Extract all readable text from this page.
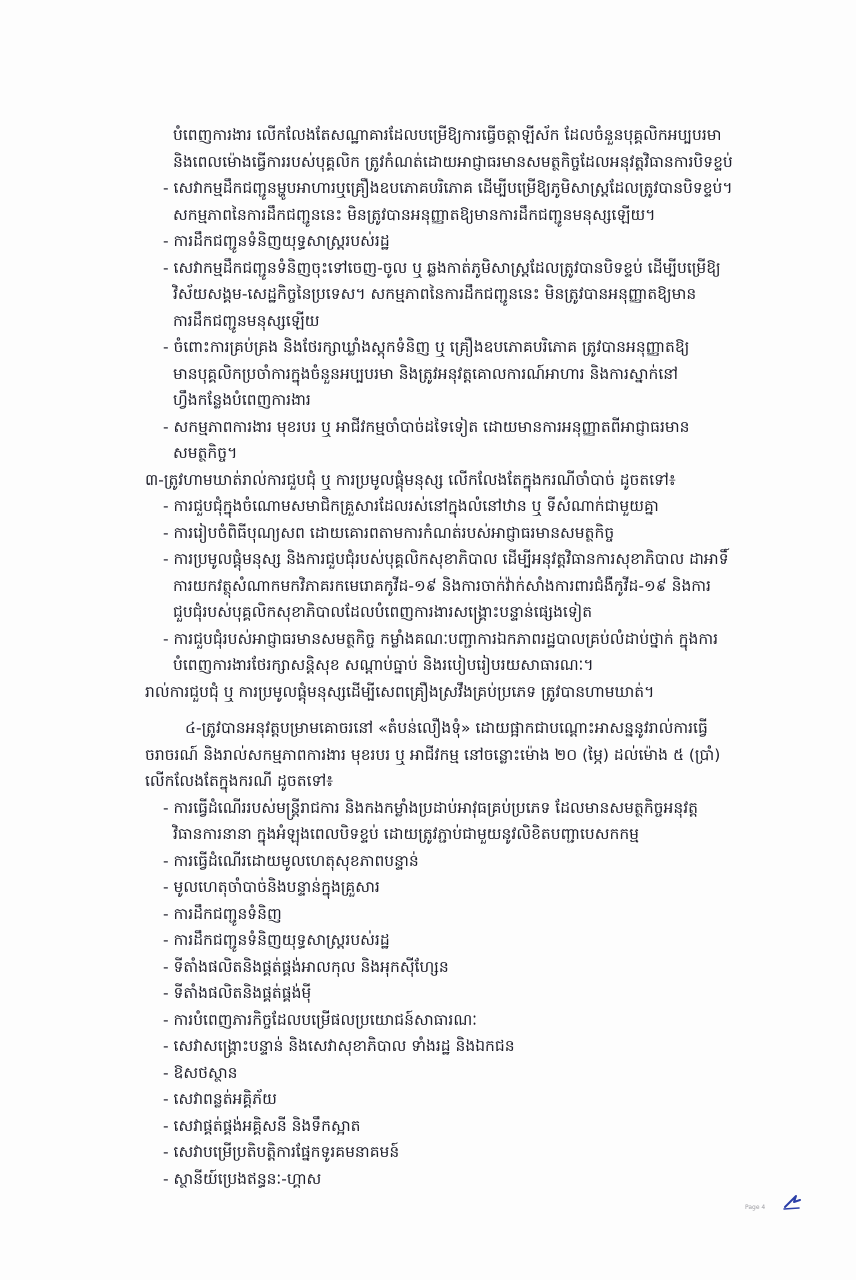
បំពេញការងារ លើកលែងតែសណ្ឋាគារដែលបម្រើឱ្យការធ្វើចត្តាឡីស័ក ដែលចំនួនបុគ្គលិកអប្បបរមា
និងពេលម៉ោងធ្វើការរបស់បុគ្គលិក ត្រូវកំណត់ដោយអាជ្ញាធរមានសមត្ថកិច្ចដែលអនុវត្តវិធានការបិទខ្ទប់
- សេវាកម្មដឹកជញ្ជូនម្ហូបអាហារឬគ្រឿងឧបភោគបរិភោគ ដើម្បីបម្រើឱ្យភូមិសាស្ត្រដែលត្រូវបានបិទខ្ទប់។
សកម្មភាពនៃការដឹកជញ្ជូននេះ មិនត្រូវបានអនុញ្ញាតឱ្យមានការដឹកជញ្ជូនមនុស្សឡើយ។
- ការដឹកជញ្ជូនទំនិញយុទ្ធសាស្ត្ររបស់រដ្ឋ
- សេវាកម្មដឹកជញ្ជូនទំនិញចុះទៅចេញ-ចូល ឬ ឆ្លងកាត់ភូមិសាស្ត្រដែលត្រូវបានបិទខ្ទប់ ដើម្បីបម្រើឱ្យ
វិស័យសង្គម-សេដ្ឋកិច្ចនៃប្រទេស។ សកម្មភាពនៃការដឹកជញ្ជូននេះ មិនត្រូវបានអនុញ្ញាតឱ្យមាន
ការដឹកជញ្ជូនមនុស្សឡើយ
- ចំពោះការគ្រប់គ្រង និងថែរក្សាឃ្លាំងស្តុកទំនិញ ឬ គ្រឿងឧបភោគបរិភោគ ត្រូវបានអនុញ្ញាតឱ្យ
មានបុគ្គលិកប្រចាំការក្នុងចំនួនអប្បបរមា និងត្រូវអនុវត្តគោលការណ៍អាហារ និងការស្នាក់នៅ
ហ្វឹងកន្លែងបំពេញការងារ
- សកម្មភាពការងារ មុខរបរ ឬ អាជីវកម្មចាំបាច់ដទៃទៀត ដោយមានការអនុញ្ញាតពីអាជ្ញាធរមាន
សមត្ថកិច្ច។
៣-ត្រូវហាមឃាត់រាល់ការជួបជុំ ឬ ការប្រមូលផ្តុំមនុស្ស លើកលែងតែក្នុងករណីចាំបាច់ ដូចតទៅ៖
- ការជួបជុំក្នុងចំណោមសមាជិកគ្រួសារដែលរស់នៅក្នុងលំនៅឋាន ឬ ទីសំណាក់ជាមួយគ្នា
- ការរៀបចំពិធីបុណ្យសព ដោយគោរពតាមការកំណត់របស់អាជ្ញាធរមានសមត្ថកិច្ច
- ការប្រមូលផ្តុំមនុស្ស និងការជួបជុំរបស់បុគ្គលិកសុខាភិបាល ដើម្បីអនុវត្តវិធានការសុខាភិបាល ដាអាទិ៍
ការយកវត្ថុសំណាកមកវិភាគរកមេរោគកូវីដ-១៩ និងការចាក់វ៉ាក់សាំងការពារជំងឺកូវីដ-១៩ និងការ
ជួបជុំរបស់បុគ្គលិកសុខាភិបាលដែលបំពេញការងារសង្គ្រោះបន្ទាន់ផ្សេងទៀត
- ការជួបជុំរបស់អាជ្ញាធរមានសមត្ថកិច្ច កម្លាំងគណៈបញ្ជាការឯកភាពរដ្ឋបាលគ្រប់លំដាប់ថ្នាក់ ក្នុងការ
បំពេញការងារថែរក្សាសន្តិសុខ សណ្តាប់ធ្នាប់ និងរបៀបរៀបរយសាធារណៈ។
រាល់ការជួបជុំ ឬ ការប្រមូលផ្តុំមនុស្សដើម្បីសេពគ្រឿងស្រវឹងគ្រប់ប្រភេទ ត្រូវបានហាមឃាត់។
៤-ត្រូវបានអនុវត្តបម្រាមគោចរនៅ «តំបន់លឿងទុំ» ដោយផ្អាកជាបណ្តោះអាសន្ននូវរាល់ការធ្វើ
ចរាចរណ៍ និងរាល់សកម្មភាពការងារ មុខរបរ ឬ អាជីវកម្ម នៅចន្លោះម៉ោង ២០ (ម្ភៃ) ដល់ម៉ោង ៥ (ប្រាំ)
លើកលែងតែក្នុងករណី ដូចតទៅ៖
- ការធ្វើដំណើររបស់មន្ត្រីរាជការ និងកងកម្លាំងប្រដាប់អាវុធគ្រប់ប្រភេទ ដែលមានសមត្ថកិច្ចអនុវត្ត
វិធានការនានា ក្នុងអំឡុងពេលបិទខ្ទប់ ដោយត្រូវភ្ជាប់ជាមួយនូវលិខិតបញ្ជាបេសកកម្ម
- ការធ្វើដំណើរដោយមូលហេតុសុខភាពបន្ទាន់
- មូលហេតុចាំបាច់និងបន្ទាន់ក្នុងគ្រួសារ
- ការដឹកជញ្ជូនទំនិញ
- ការដឹកជញ្ជូនទំនិញយុទ្ធសាស្ត្ររបស់រដ្ឋ
- ទីតាំងផលិតនិងផ្គត់ផ្គង់អាលកុល និងអុកស៊ីហ្សែន
- ទីតាំងផលិតនិងផ្គត់ផ្គង់ម៉ី
- ការបំពេញភារកិច្ចដែលបម្រើផលប្រយោជន៍សាធារណៈ
- សេវាសង្គ្រោះបន្ទាន់ និងសេវាសុខាភិបាល ទាំងរដ្ឋ និងឯកជន
- ឱសថស្ថាន
- សេវាពន្លត់អគ្គិភ័យ
- សេវាផ្គត់ផ្គង់អគ្គិសនី និងទឹកស្អាត
- សេវាបម្រើប្រតិបត្តិការផ្នែកទូរគមនាគមន៍
- ស្ថានីយ៍ប្រេងឥន្ធនៈ-ហ្គាស
Page 4
